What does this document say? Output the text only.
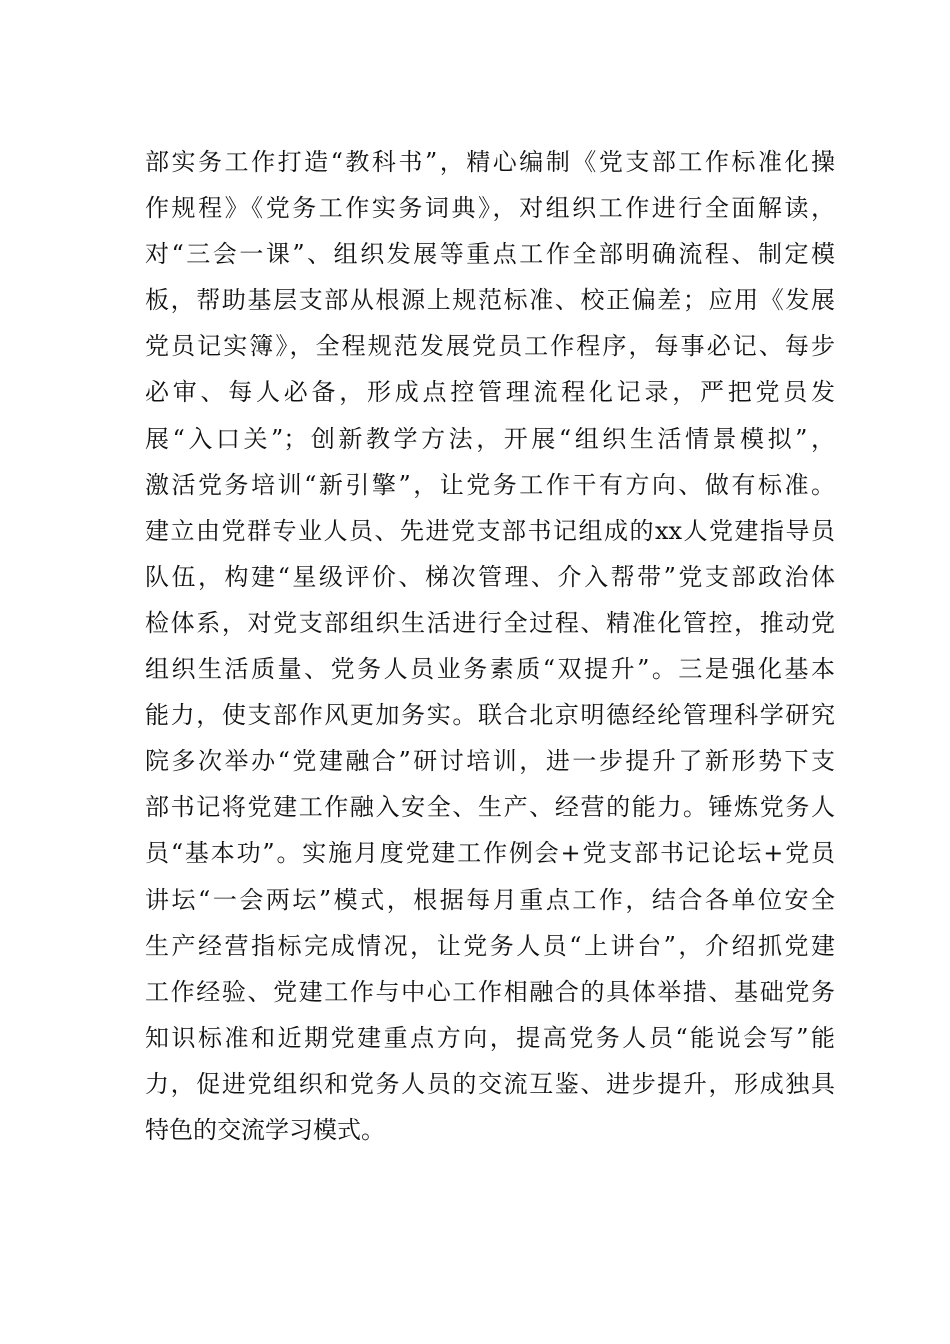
部实务工作打造“教科书”，精心编制《党支部工作标准化操
作规程》《党务工作实务词典》，对组织工作进行全面解读，
对“三会一课”、组织发展等重点工作全部明确流程、制定模
板，帮助基层支部从根源上规范标准、校正偏差；应用《发展
党员记实簿》，全程规范发展党员工作程序，每事必记、每步
必审、每人必备，形成点控管理流程化记录，严把党员发
展“入口关”；创新教学方法，开展“组织生活情景模拟”，
激活党务培训“新引擎”，让党务工作干有方向、做有标准。
建立由党群专业人员、先进党支部书记组成的xx人党建指导员
队伍，构建“星级评价、梯次管理、介入帮带”党支部政治体
检体系，对党支部组织生活进行全过程、精准化管控，推动党
组织生活质量、党务人员业务素质“双提升”。三是强化基本
能力，使支部作风更加务实。联合北京明德经纶管理科学研究
院多次举办“党建融合”研讨培训，进一步提升了新形势下支
部书记将党建工作融入安全、生产、经营的能力。锤炼党务人
员“基本功”。实施月度党建工作例会+党支部书记论坛+党员
讲坛“一会两坛”模式，根据每月重点工作，结合各单位安全
生产经营指标完成情况，让党务人员“上讲台”，介绍抓党建
工作经验、党建工作与中心工作相融合的具体举措、基础党务
知识标准和近期党建重点方向，提高党务人员“能说会写”能
力，促进党组织和党务人员的交流互鉴、进步提升，形成独具
特色的交流学习模式。
